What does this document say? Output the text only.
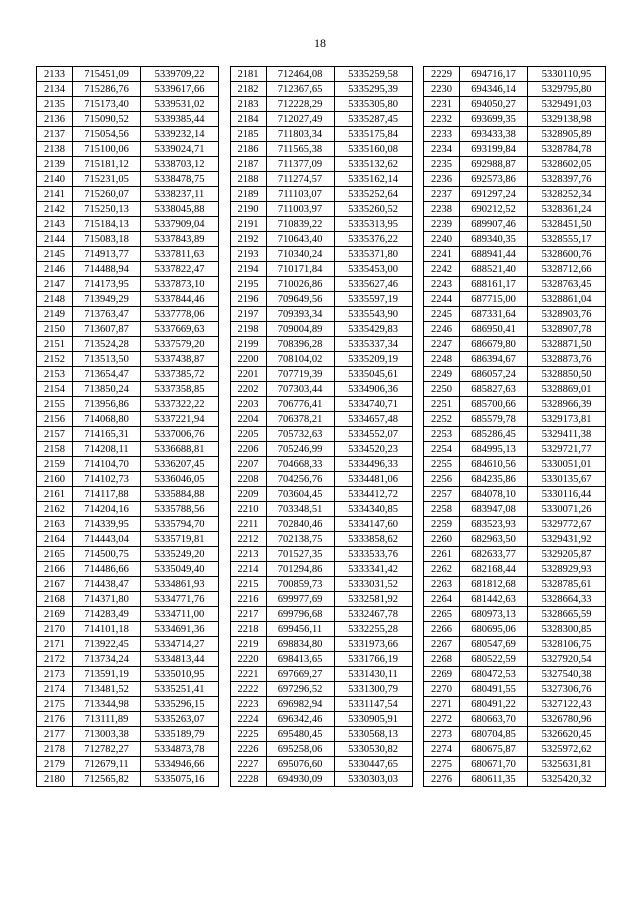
18
2133	715451,09	5339709,22
2134	715286,76	5339617,66
2135	715173,40	5339531,02
2136	715090,52	5339385,44
2137	715054,56	5339232,14
2138	715100,06	5339024,71
2139	715181,12	5338703,12
2140	715231,05	5338478,75
2141	715260,07	5338237,11
2142	715250,13	5338045,88
2143	715184,13	5337909,04
2144	715083,18	5337843,89
2145	714913,77	5337811,63
2146	714488,94	5337822,47
2147	714173,95	5337873,10
2148	713949,29	5337844,46
2149	713763,47	5337778,06
2150	713607,87	5337669,63
2151	713524,28	5337579,20
2152	713513,50	5337438,87
2153	713654,47	5337385,72
2154	713850,24	5337358,85
2155	713956,86	5337322,22
2156	714068,80	5337221,94
2157	714165,31	5337006,76
2158	714208,11	5336688,81
2159	714104,70	5336207,45
2160	714102,73	5336046,05
2161	714117,88	5335884,88
2162	714204,16	5335788,56
2163	714339,95	5335794,70
2164	714443,04	5335719,81
2165	714500,75	5335249,20
2166	714486,66	5335049,40
2167	714438,47	5334861,93
2168	714371,80	5334771,76
2169	714283,49	5334711,00
2170	714101,18	5334691,36
2171	713922,45	5334714,27
2172	713734,24	5334813,44
2173	713591,19	5335010,95
2174	713481,52	5335251,41
2175	713344,98	5335296,15
2176	713111,89	5335263,07
2177	713003,38	5335189,79
2178	712782,27	5334873,78
2179	712679,11	5334946,66
2180	712565,82	5335075,16
2181	712464,08	5335259,58
2182	712367,65	5335295,39
2183	712228,29	5335305,80
2184	712027,49	5335287,45
2185	711803,34	5335175,84
2186	711565,38	5335160,08
2187	711377,09	5335132,62
2188	711274,57	5335162,14
2189	711103,07	5335252,64
2190	711003,97	5335260,52
2191	710839,22	5335313,95
2192	710643,40	5335376,22
2193	710340,24	5335371,80
2194	710171,84	5335453,00
2195	710026,86	5335627,46
2196	709649,56	5335597,19
2197	709393,34	5335543,90
2198	709004,89	5335429,83
2199	708396,28	5335337,34
2200	708104,02	5335209,19
2201	707719,39	5335045,61
2202	707303,44	5334906,36
2203	706776,41	5334740,71
2204	706378,21	5334657,48
2205	705732,63	5334552,07
2206	705246,99	5334520,23
2207	704668,33	5334496,33
2208	704256,76	5334481,06
2209	703604,45	5334412,72
2210	703348,51	5334340,85
2211	702840,46	5334147,60
2212	702138,75	5333858,62
2213	701527,35	5333533,76
2214	701294,86	5333341,42
2215	700859,73	5333031,52
2216	699977,69	5332581,92
2217	699796,68	5332467,78
2218	699456,11	5332255,28
2219	698834,80	5331973,66
2220	698413,65	5331766,19
2221	697669,27	5331430,11
2222	697296,52	5331300,79
2223	696982,94	5331147,54
2224	696342,46	5330905,91
2225	695480,45	5330568,13
2226	695258,06	5330530,82
2227	695076,60	5330447,65
2228	694930,09	5330303,03
2229	694716,17	5330110,95
2230	694346,14	5329795,80
2231	694050,27	5329491,03
2232	693699,35	5329138,98
2233	693433,38	5328905,89
2234	693199,84	5328784,78
2235	692988,87	5328602,05
2236	692573,86	5328397,76
2237	691297,24	5328252,34
2238	690212,52	5328361,24
2239	689907,46	5328451,50
2240	689340,35	5328555,17
2241	688941,44	5328600,76
2242	688521,40	5328712,66
2243	688161,17	5328763,45
2244	687715,00	5328861,04
2245	687331,64	5328903,76
2246	686950,41	5328907,78
2247	686679,80	5328871,50
2248	686394,67	5328873,76
2249	686057,24	5328850,50
2250	685827,63	5328869,01
2251	685700,66	5328966,39
2252	685579,78	5329173,81
2253	685286,45	5329411,38
2254	684995,13	5329721,77
2255	684610,56	5330051,01
2256	684235,86	5330135,67
2257	684078,10	5330116,44
2258	683947,08	5330071,26
2259	683523,93	5329772,67
2260	682963,50	5329431,92
2261	682633,77	5329205,87
2262	682168,44	5328929,93
2263	681812,68	5328785,61
2264	681442,63	5328664,33
2265	680973,13	5328665,59
2266	680695,06	5328300,85
2267	680547,69	5328106,75
2268	680522,59	5327920,54
2269	680472,53	5327540,38
2270	680491,55	5327306,76
2271	680491,22	5327122,43
2272	680663,70	5326780,96
2273	680704,85	5326620,45
2274	680675,87	5325972,62
2275	680671,70	5325631,81
2276	680611,35	5325420,32
